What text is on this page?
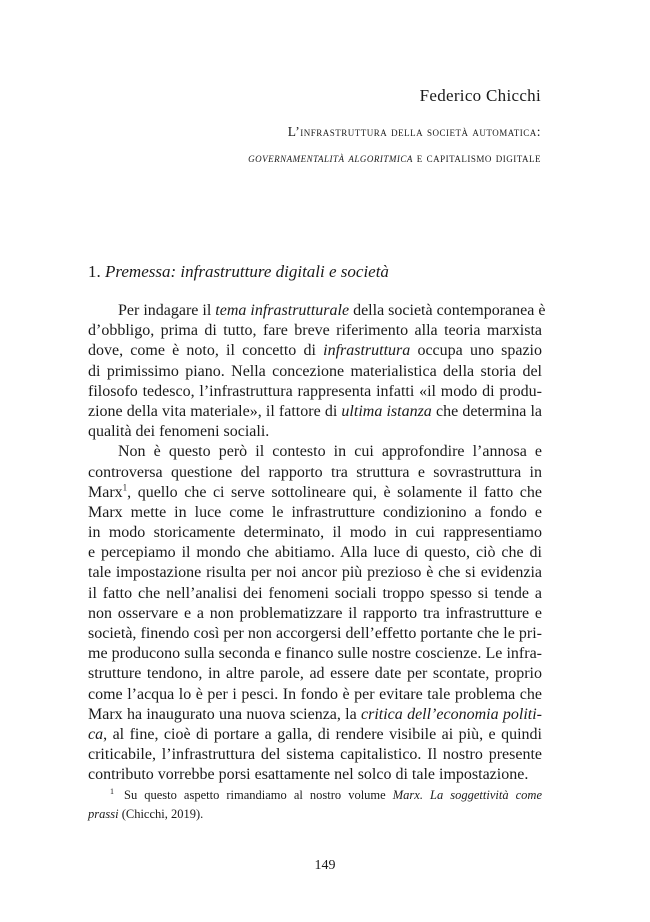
Federico Chicchi
L’infrastruttura della società automatica:
governamentalità algoritmica e capitalismo digitale
1. Premessa: infrastrutture digitali e società
Per indagare il tema infrastrutturale della società contemporanea è
d’obbligo, prima di tutto, fare breve riferimento alla teoria marxista
dove, come è noto, il concetto di infrastruttura occupa uno spazio
di primissimo piano. Nella concezione materialistica della storia del
filosofo tedesco, l’infrastruttura rappresenta infatti «il modo di produ-
zione della vita materiale», il fattore di ultima istanza che determina la
qualità dei fenomeni sociali.
Non è questo però il contesto in cui approfondire l’annosa e
controversa questione del rapporto tra struttura e sovrastruttura in
Marx$^1$, quello che ci serve sottolineare qui, è solamente il fatto che
Marx mette in luce come le infrastrutture condizionino a fondo e
in modo storicamente determinato, il modo in cui rappresentiamo
e percepiamo il mondo che abitiamo. Alla luce di questo, ciò che di
tale impostazione risulta per noi ancor più prezioso è che si evidenzia
il fatto che nell’analisi dei fenomeni sociali troppo spesso si tende a
non osservare e a non problematizzare il rapporto tra infrastrutture e
società, finendo così per non accorgersi dell’effetto portante che le pri-
me producono sulla seconda e financo sulle nostre coscienze. Le infra-
strutture tendono, in altre parole, ad essere date per scontate, proprio
come l’acqua lo è per i pesci. In fondo è per evitare tale problema che
Marx ha inaugurato una nuova scienza, la critica dell’economia politi-
ca, al fine, cioè di portare a galla, di rendere visibile ai più, e quindi
criticabile, l’infrastruttura del sistema capitalistico. Il nostro presente
contributo vorrebbe porsi esattamente nel solco di tale impostazione.
$^1$ Su questo aspetto rimandiamo al nostro volume Marx. La soggettività come
prassi (Chicchi, 2019).
149
